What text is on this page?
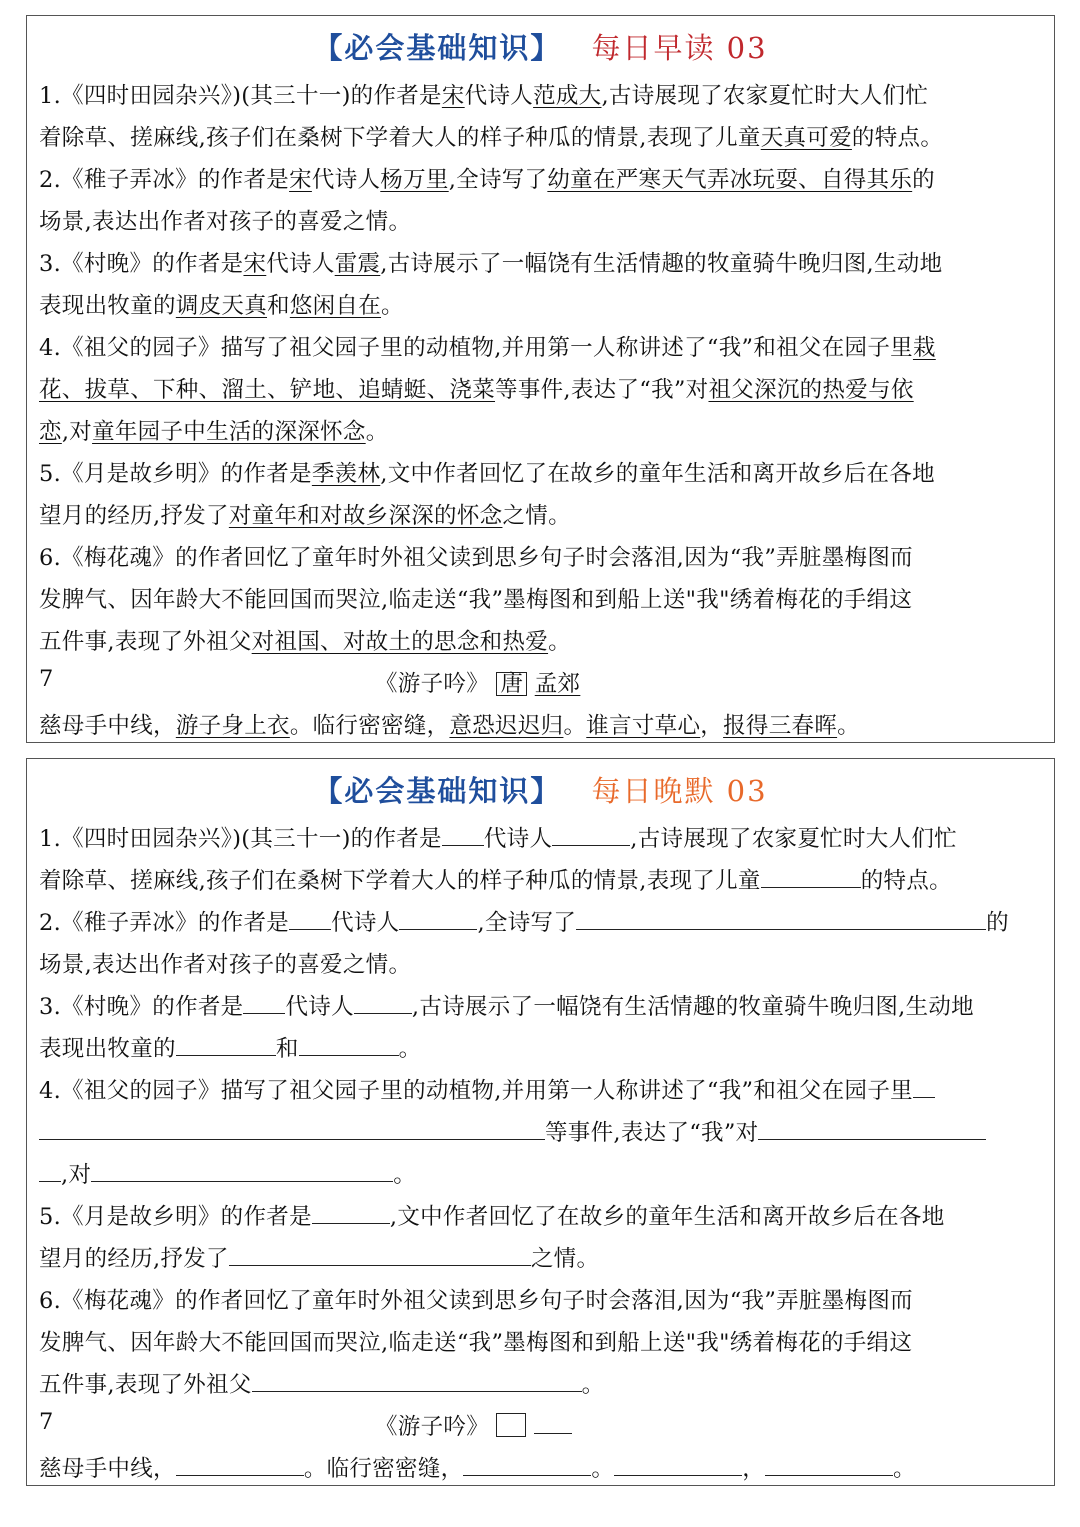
【必会基础知识】 每日早读 03
1.《四时田园杂兴》)(其三十一)的作者是宋代诗人范成大,古诗展现了农家夏忙时大人们忙
着除草、搓麻线,孩子们在桑树下学着大人的样子种瓜的情景,表现了儿童天真可爱的特点。
2.《稚子弄冰》的作者是宋代诗人杨万里,全诗写了幼童在严寒天气弄冰玩耍、自得其乐的
场景,表达出作者对孩子的喜爱之情。
3.《村晚》的作者是宋代诗人雷震,古诗展示了一幅饶有生活情趣的牧童骑牛晚归图,生动地
表现出牧童的调皮天真和悠闲自在。
4.《祖父的园子》描写了祖父园子里的动植物,并用第一人称讲述了“我”和祖父在园子里栽
花、拔草、下种、溜土、铲地、追蜻蜓、浇菜等事件,表达了“我”对祖父深沉的热爱与依
恋,对童年园子中生活的深深怀念。
5.《月是故乡明》的作者是季羡林,文中作者回忆了在故乡的童年生活和离开故乡后在各地
望月的经历,抒发了对童年和对故乡深深的怀念之情。
6.《梅花魂》的作者回忆了童年时外祖父读到思乡句子时会落泪,因为“我”弄脏墨梅图而
发脾气、因年龄大不能回国而哭泣,临走送“我”墨梅图和到船上送"我"绣着梅花的手绢这
五件事,表现了外祖父对祖国、对故土的思念和热爱。
7	《游子吟》 唐 孟郊
慈母手中线，游子身上衣。临行密密缝，意恐迟迟归。谁言寸草心，报得三春晖。
【必会基础知识】 每日晚默 03
1.《四时田园杂兴》)(其三十一)的作者是 代诗人	,古诗展现了农家夏忙时大人们忙
着除草、搓麻线,孩子们在桑树下学着大人的样子种瓜的情景,表现了儿童	的特点。
2.《稚子弄冰》的作者是 代诗人	,全诗写了	的
场景,表达出作者对孩子的喜爱之情。
3.《村晚》的作者是 代诗人	,古诗展示了一幅饶有生活情趣的牧童骑牛晚归图,生动地
表现出牧童的	和	。
4.《祖父的园子》描写了祖父园子里的动植物,并用第一人称讲述了“我”和祖父在园子里
等事件,表达了“我”对
,对	。
5.《月是故乡明》的作者是	,文中作者回忆了在故乡的童年生活和离开故乡后在各地
望月的经历,抒发了	之情。
6.《梅花魂》的作者回忆了童年时外祖父读到思乡句子时会落泪,因为“我”弄脏墨梅图而
发脾气、因年龄大不能回国而哭泣,临走送“我”墨梅图和到船上送"我"绣着梅花的手绢这
五件事,表现了外祖父	。
7	《游子吟》
慈母手中线，	。临行密密缝，	。	，	。
